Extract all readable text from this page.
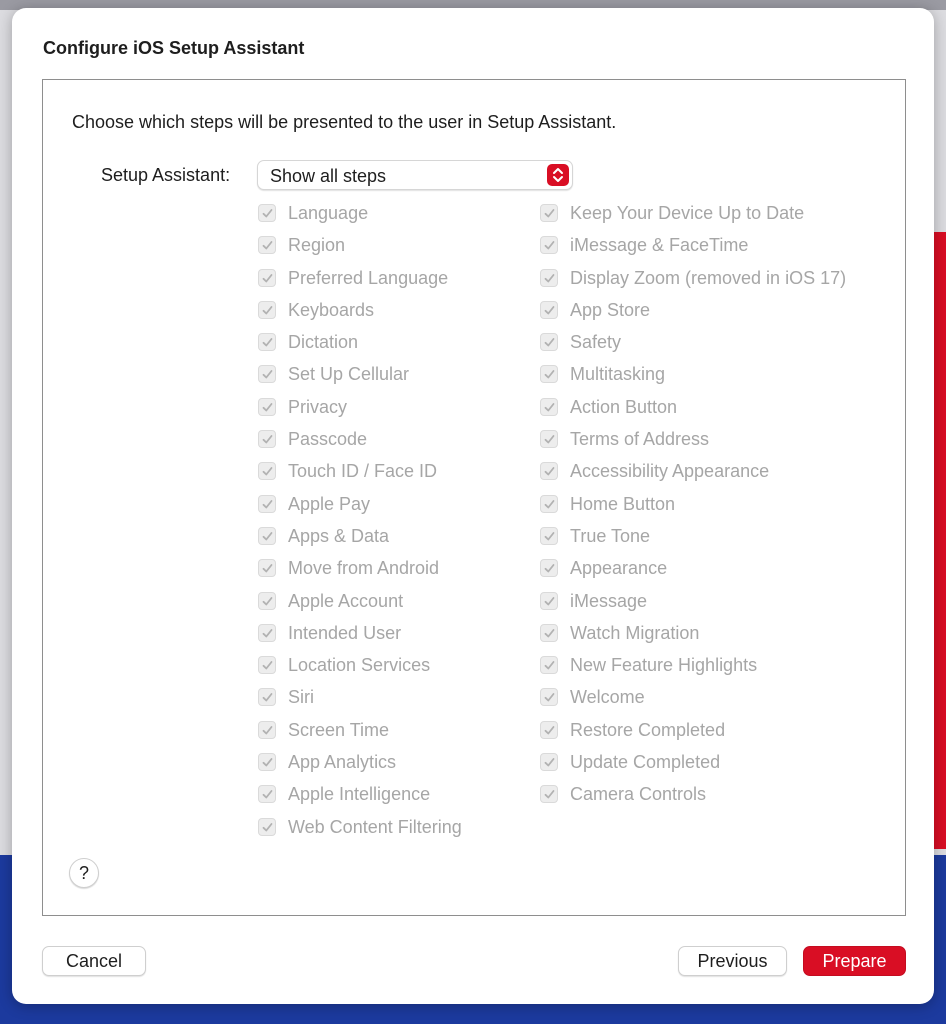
Configure iOS Setup Assistant
Choose which steps will be presented to the user in Setup Assistant.
Setup Assistant: Show all steps
Language
Region
Preferred Language
Keyboards
Dictation
Set Up Cellular
Privacy
Passcode
Touch ID / Face ID
Apple Pay
Apps & Data
Move from Android
Apple Account
Intended User
Location Services
Siri
Screen Time
App Analytics
Apple Intelligence
Web Content Filtering
Keep Your Device Up to Date
iMessage & FaceTime
Display Zoom (removed in iOS 17)
App Store
Safety
Multitasking
Action Button
Terms of Address
Accessibility Appearance
Home Button
True Tone
Appearance
iMessage
Watch Migration
New Feature Highlights
Welcome
Restore Completed
Update Completed
Camera Controls
?
Cancel	Previous	Prepare
